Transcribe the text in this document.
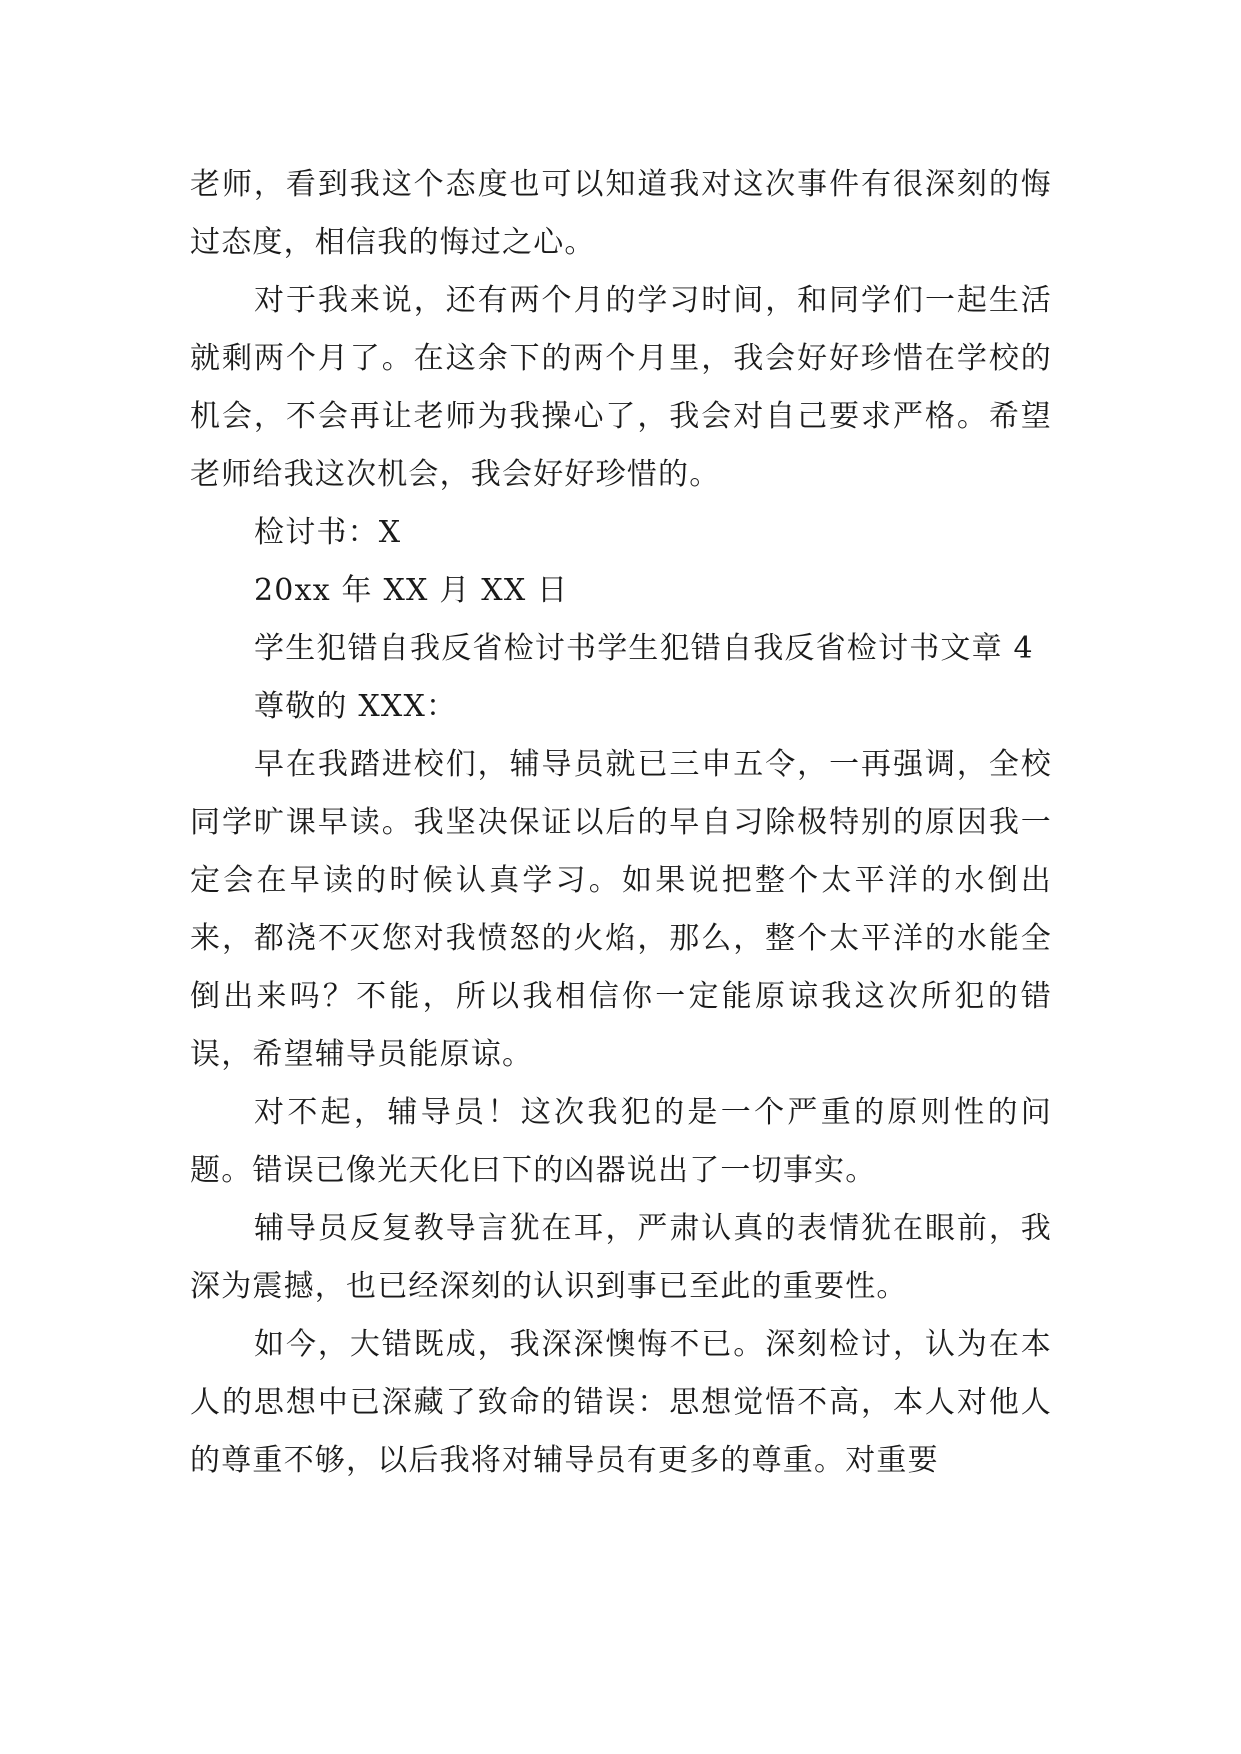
老师，看到我这个态度也可以知道我对这次事件有很深刻的悔过态度，相信我的悔过之心。

对于我来说，还有两个月的学习时间，和同学们一起生活就剩两个月了。在这余下的两个月里，我会好好珍惜在学校的机会，不会再让老师为我操心了，我会对自己要求严格。希望老师给我这次机会，我会好好珍惜的。

检讨书：X

20xx 年 XX 月 XX 日

学生犯错自我反省检讨书学生犯错自我反省检讨书文章 4

尊敬的 XXX：

早在我踏进校们，辅导员就已三申五令，一再强调，全校同学旷课早读。我坚决保证以后的早自习除极特别的原因我一定会在早读的时候认真学习。如果说把整个太平洋的水倒出来，都浇不灭您对我愤怒的火焰，那么，整个太平洋的水能全倒出来吗？不能，所以我相信你一定能原谅我这次所犯的错误，希望辅导员能原谅。

对不起，辅导员！这次我犯的是一个严重的原则性的问题。错误已像光天化曰下的凶器说出了一切事实。

辅导员反复教导言犹在耳，严肃认真的表情犹在眼前，我深为震撼，也已经深刻的认识到事已至此的重要性。

如今，大错既成，我深深懊悔不已。深刻检讨，认为在本人的思想中已深藏了致命的错误：思想觉悟不高，本人对他人的尊重不够，以后我将对辅导员有更多的尊重。对重要
